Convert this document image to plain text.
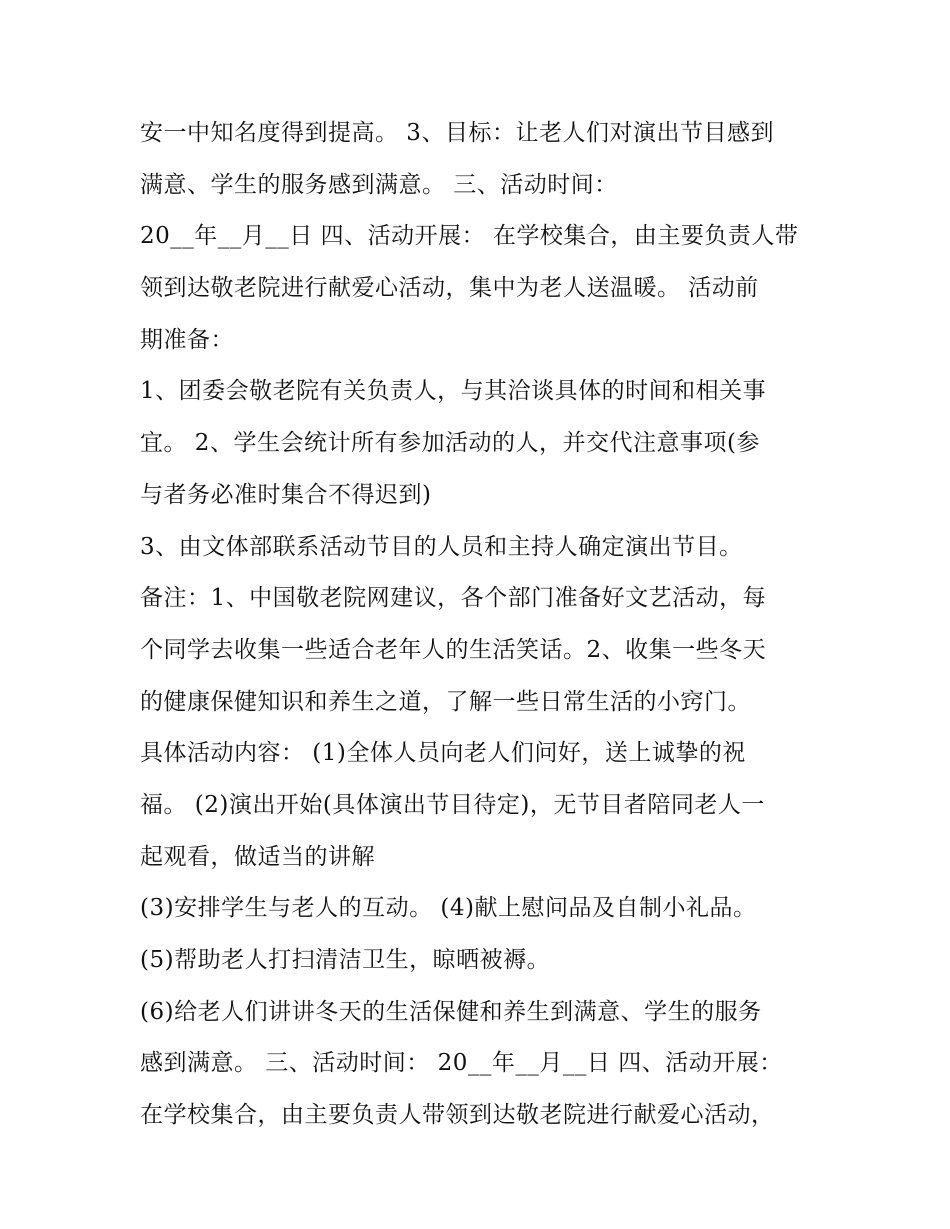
安一中知名度得到提高。 3、目标：让老人们对演出节目感到
满意、学生的服务感到满意。 三、活动时间：
20__年__月__日 四、活动开展： 在学校集合，由主要负责人带
领到达敬老院进行献爱心活动，集中为老人送温暖。 活动前
期准备：
1、团委会敬老院有关负责人，与其洽谈具体的时间和相关事
宜。 2、学生会统计所有参加活动的人，并交代注意事项(参
与者务必准时集合不得迟到)
3、由文体部联系活动节目的人员和主持人确定演出节目。
备注：1、中国敬老院网建议，各个部门准备好文艺活动，每
个同学去收集一些适合老年人的生活笑话。2、收集一些冬天
的健康保健知识和养生之道，了解一些日常生活的小窍门。
具体活动内容： (1)全体人员向老人们问好，送上诚挚的祝
福。 (2)演出开始(具体演出节目待定)，无节目者陪同老人一
起观看，做适当的讲解
(3)安排学生与老人的互动。 (4)献上慰问品及自制小礼品。
(5)帮助老人打扫清洁卫生，晾晒被褥。
(6)给老人们讲讲冬天的生活保健和养生到满意、学生的服务
感到满意。 三、活动时间： 20__年__月__日 四、活动开展：
在学校集合，由主要负责人带领到达敬老院进行献爱心活动，
